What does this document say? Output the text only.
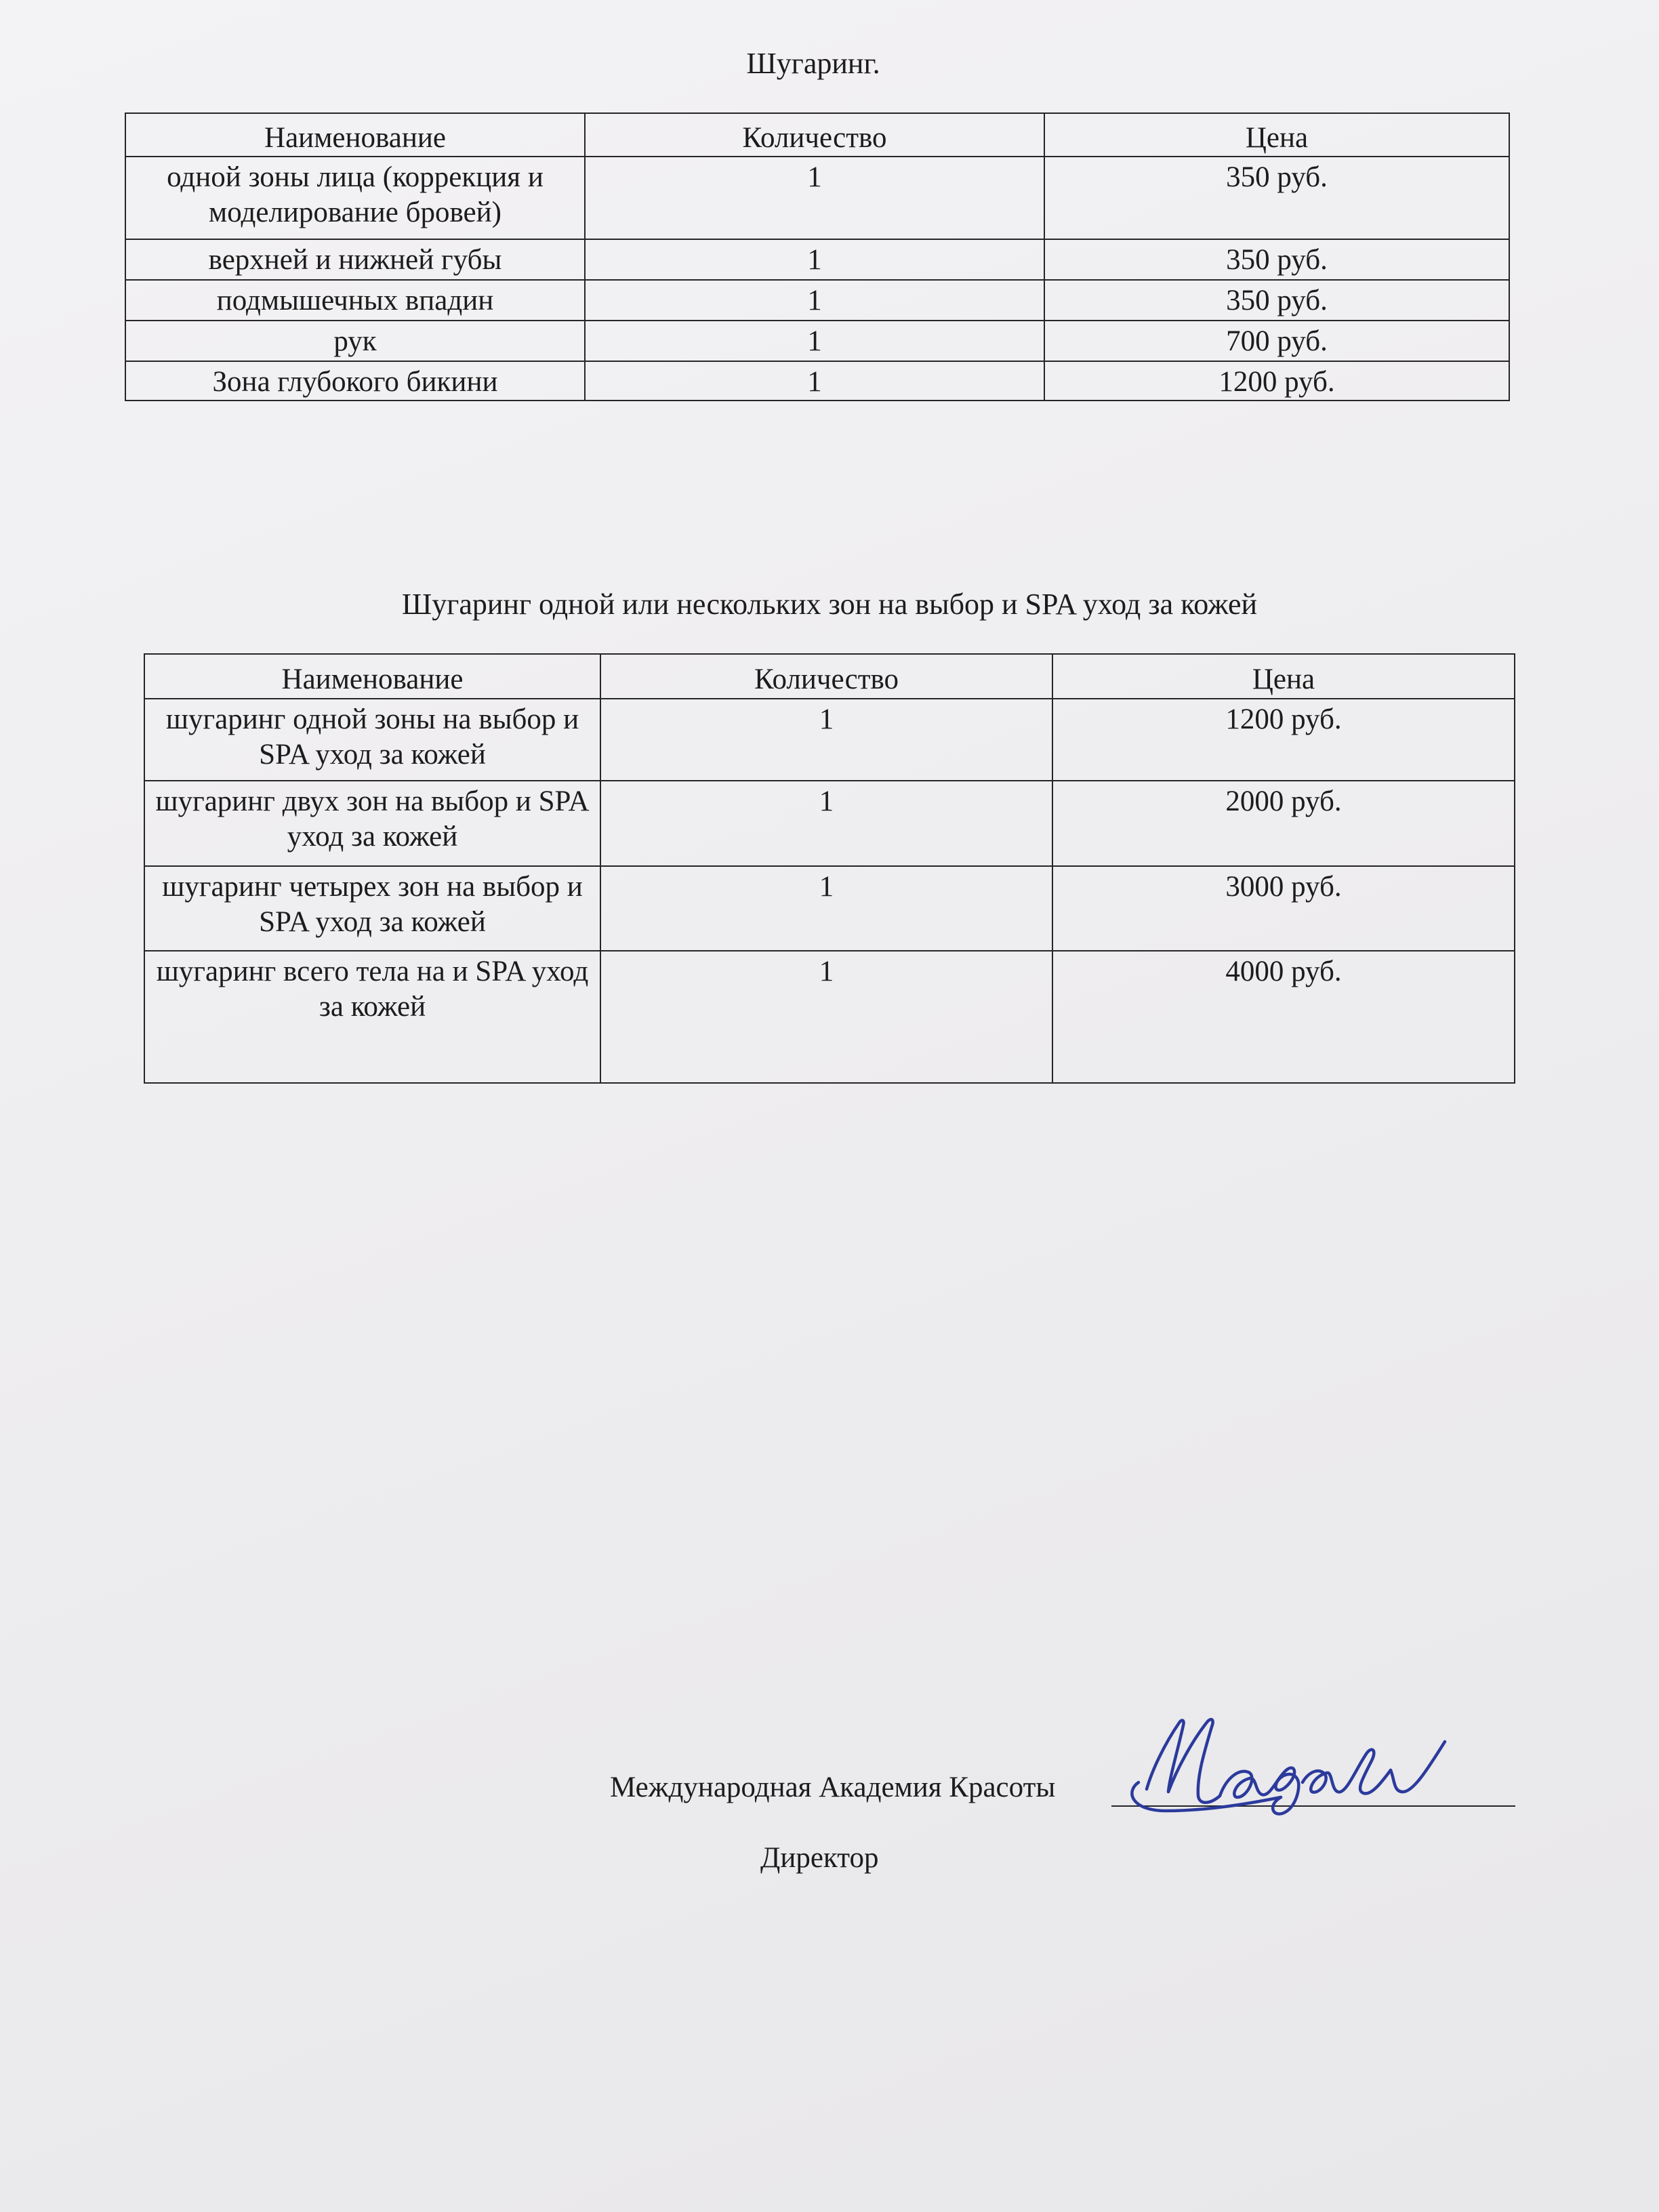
Шугаринг.
Наименование	Количество	Цена
одной зоны лица (коррекция и моделирование бровей)	1	350 руб.
верхней и нижней губы	1	350 руб.
подмышечных впадин	1	350 руб.
рук	1	700 руб.
Зона глубокого бикини	1	1200 руб.
Шугаринг одной или нескольких зон на выбор и SPA уход за кожей
Наименование	Количество	Цена
шугаринг одной зоны на выбор и SPA уход за кожей	1	1200 руб.
шугаринг двух зон на выбор и SPA уход за кожей	1	2000 руб.
шугаринг четырех зон на выбор и SPA уход за кожей	1	3000 руб.
шугаринг всего тела на и SPA уход за кожей	1	4000 руб.
Международная Академия Красоты
Директор
